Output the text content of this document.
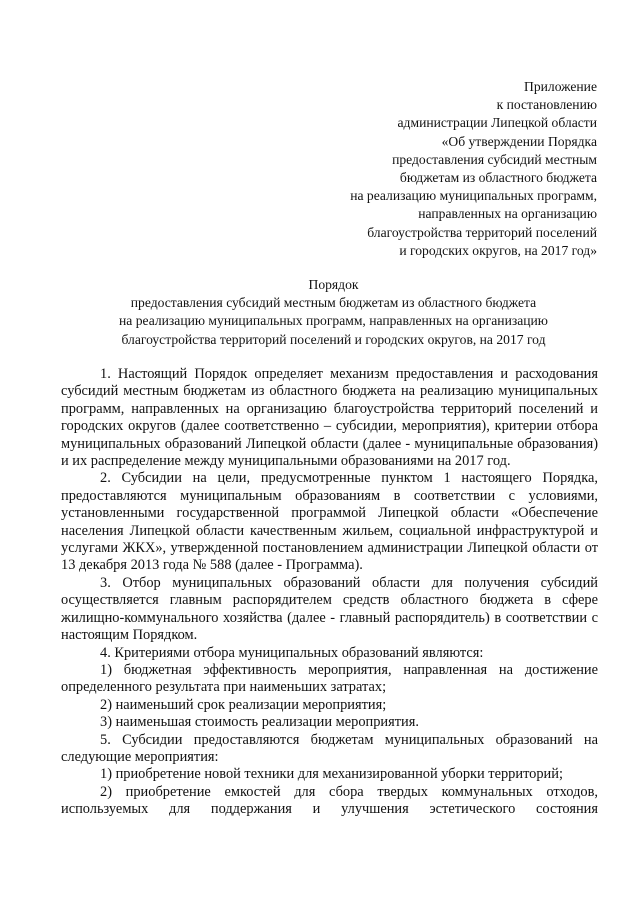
Приложение
к постановлению
администрации Липецкой области
«Об утверждении Порядка
предоставления субсидий местным
бюджетам из областного бюджета
на реализацию муниципальных программ,
направленных на организацию
благоустройства территорий поселений
и городских округов, на 2017 год»
Порядок
предоставления субсидий местным бюджетам из областного бюджета
на реализацию муниципальных программ, направленных на организацию
благоустройства территорий поселений и городских округов, на 2017 год

1. Настоящий Порядок определяет механизм предоставления и расходования субсидий местным бюджетам из областного бюджета на реализацию муниципальных программ, направленных на организацию благоустройства территорий поселений и городских округов (далее соответственно – субсидии, мероприятия), критерии отбора муниципальных образований Липецкой области (далее - муниципальные образования) и их распределение между муниципальными образованиями на 2017 год.

2. Субсидии на цели, предусмотренные пунктом 1 настоящего Порядка, предоставляются муниципальным образованиям в соответствии с условиями, установленными государственной программой Липецкой области «Обеспечение населения Липецкой области качественным жильем, социальной инфраструктурой и услугами ЖКХ», утвержденной постановлением администрации Липецкой области от 13 декабря 2013 года № 588 (далее - Программа).

3. Отбор муниципальных образований области для получения субсидий осуществляется главным распорядителем средств областного бюджета в сфере жилищно-коммунального хозяйства (далее - главный распорядитель) в соответствии с настоящим Порядком.

4. Критериями отбора муниципальных образований являются:

1) бюджетная эффективность мероприятия, направленная на достижение определенного результата при наименьших затратах;

2) наименьший срок реализации мероприятия;

3) наименьшая стоимость реализации мероприятия.

5. Субсидии предоставляются бюджетам муниципальных образований на следующие мероприятия:

1) приобретение новой техники для механизированной уборки территорий;

2) приобретение емкостей для сбора твердых коммунальных отходов, используемых для поддержания и улучшения эстетического состояния
